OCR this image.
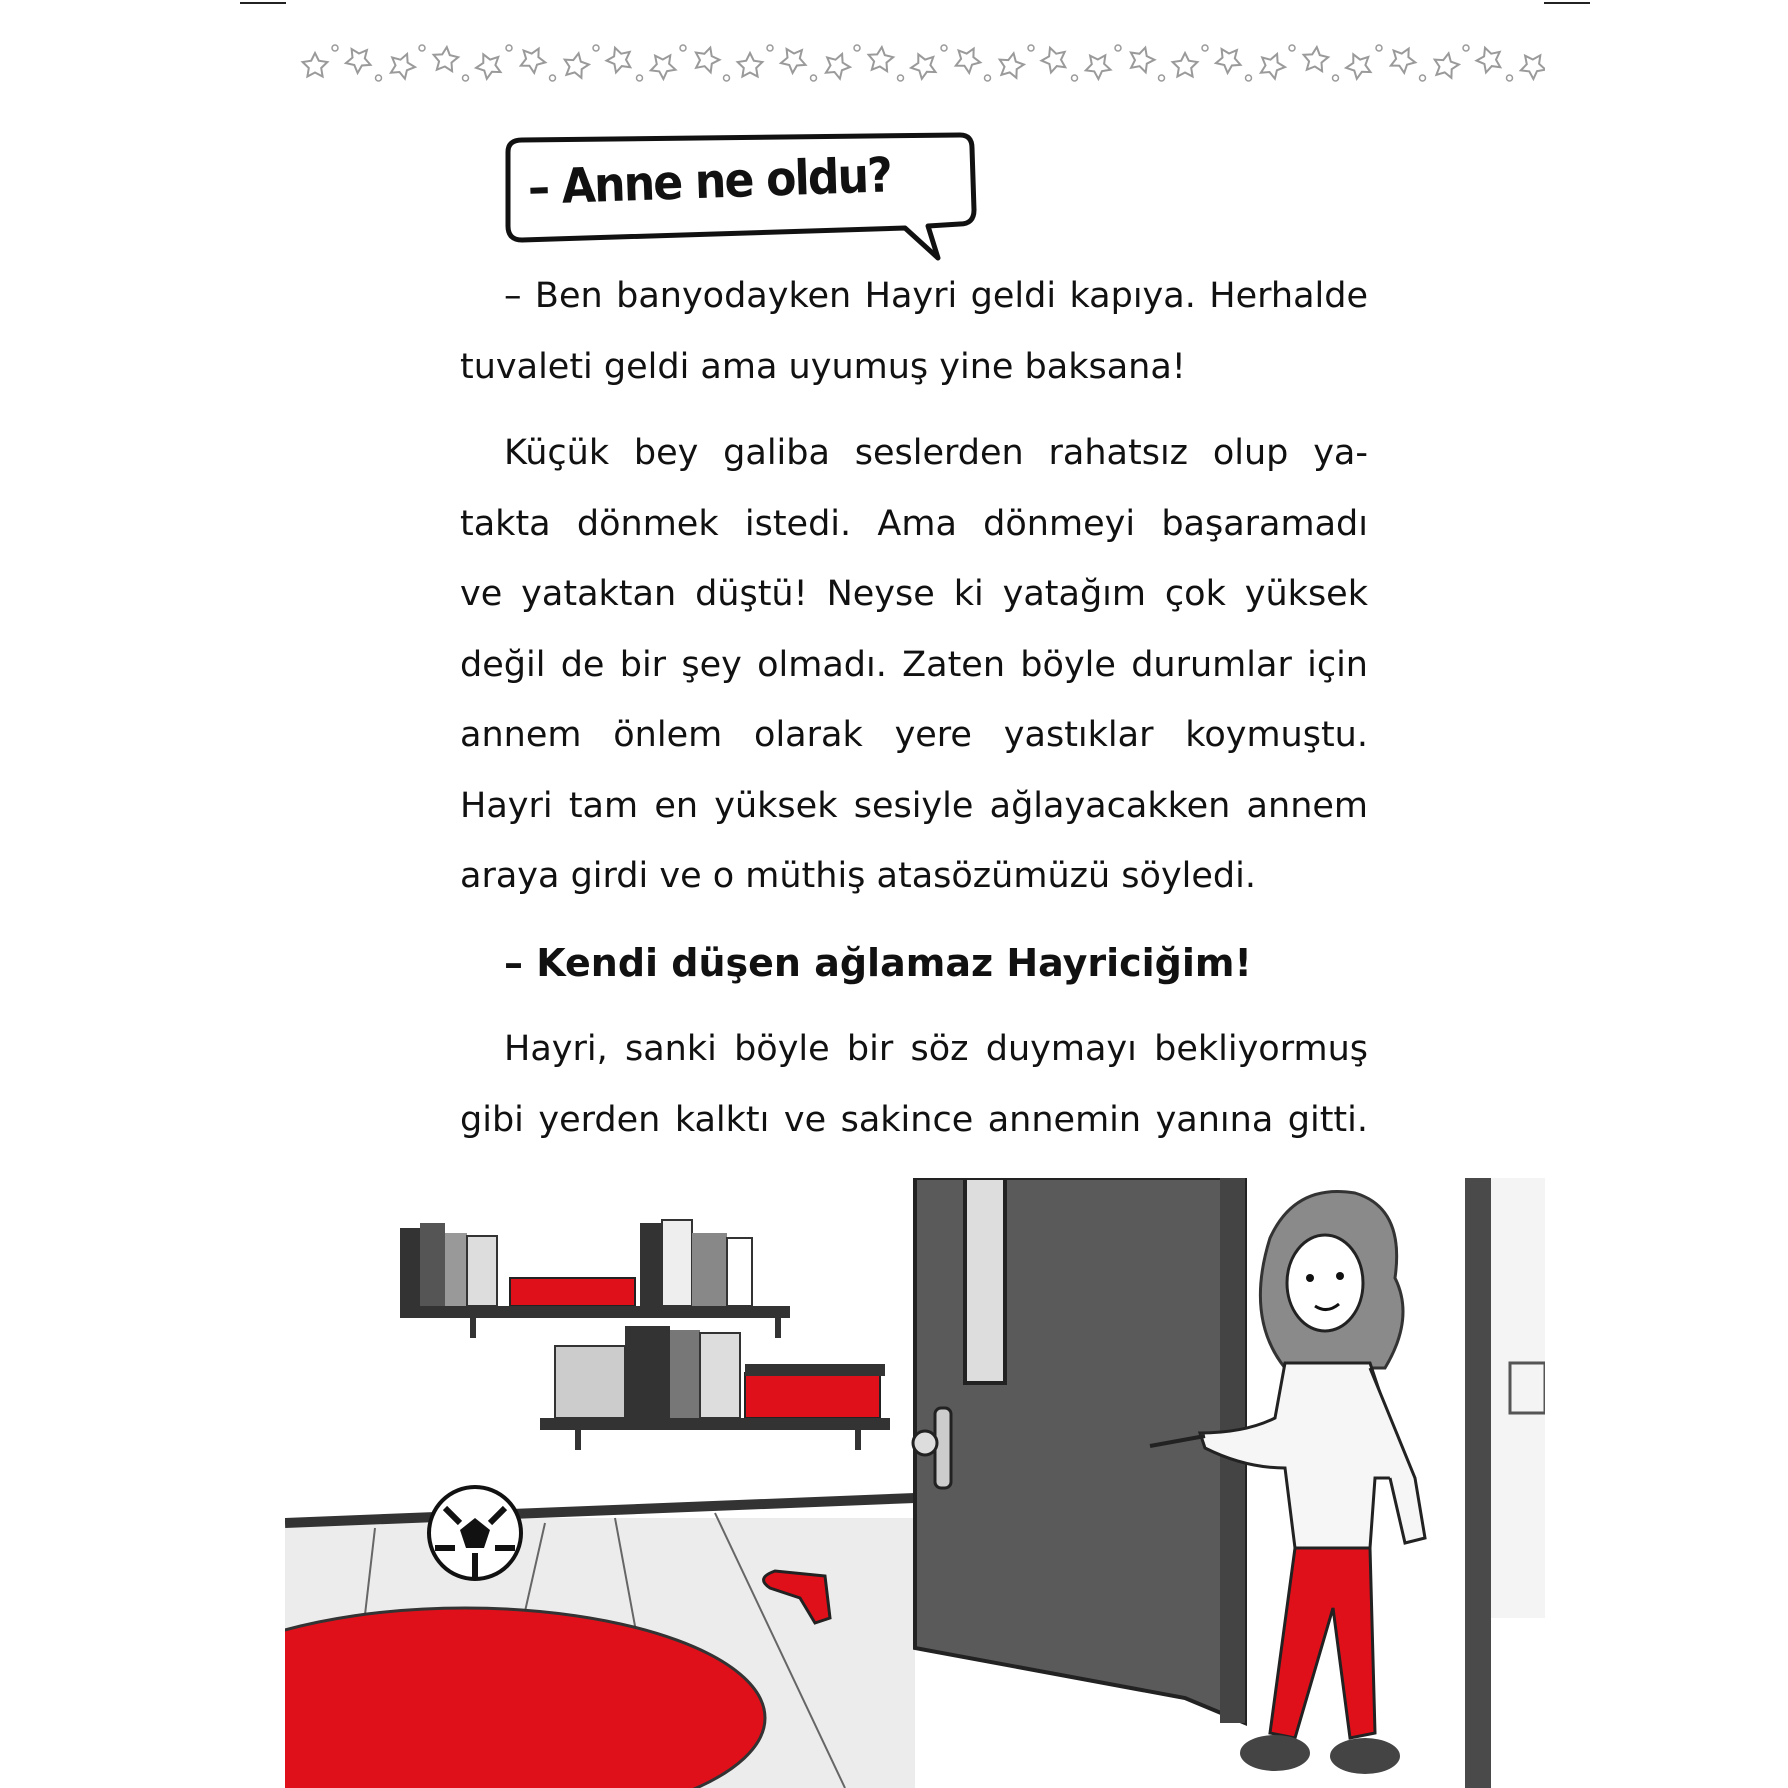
– Anne ne oldu?
– Ben banyodayken Hayri geldi kapıya. Herhalde
tuvaleti geldi ama uyumuş yine baksana!
Küçük bey galiba seslerden rahatsız olup ya-
takta dönmek istedi. Ama dönmeyi başaramadı
ve yataktan düştü! Neyse ki yatağım çok yüksek
değil de bir şey olmadı. Zaten böyle durumlar için
annem önlem olarak yere yastıklar koymuştu.
Hayri tam en yüksek sesiyle ağlayacakken annem
araya girdi ve o müthiş atasözümüzü söyledi.
– Kendi düşen ağlamaz Hayriciğim!
Hayri, sanki böyle bir söz duymayı bekliyormuş
gibi yerden kalktı ve sakince annemin yanına gitti.
